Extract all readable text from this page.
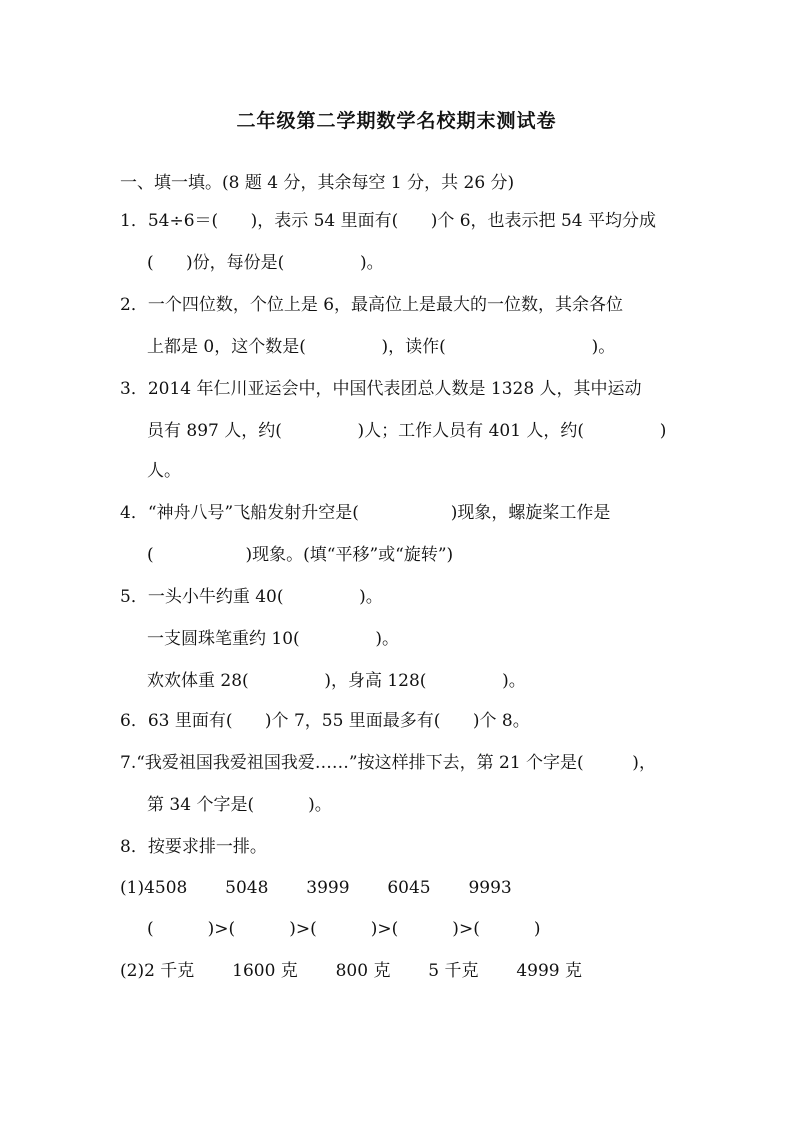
二年级第二学期数学名校期末测试卷
一、填一填。(8 题 4 分，其余每空 1 分，共 26 分)
1．54÷6＝(      )，表示 54 里面有(      )个 6，也表示把 54 平均分成
(      )份，每份是(              )。
2．一个四位数，个位上是 6，最高位上是最大的一位数，其余各位
上都是 0，这个数是(              )，读作(                           )。
3．2014 年仁川亚运会中，中国代表团总人数是 1328 人，其中运动
员有 897 人，约(              )人；工作人员有 401 人，约(              )
人。
4．“神舟八号”飞船发射升空是(                 )现象，螺旋桨工作是
(                 )现象。(填“平移”或“旋转”)
5．一头小牛约重 40(              )。
一支圆珠笔重约 10(              )。
欢欢体重 28(              )，身高 128(              )。
6．63 里面有(      )个 7，55 里面最多有(      )个 8。
7.“我爱祖国我爱祖国我爱……”按这样排下去，第 21 个字是(         )，
第 34 个字是(          )。
8．按要求排一排。
(1)4508       5048       3999       6045       9993
(          )>(          )>(          )>(          )>(          )
(2)2 千克       1600 克       800 克       5 千克       4999 克
